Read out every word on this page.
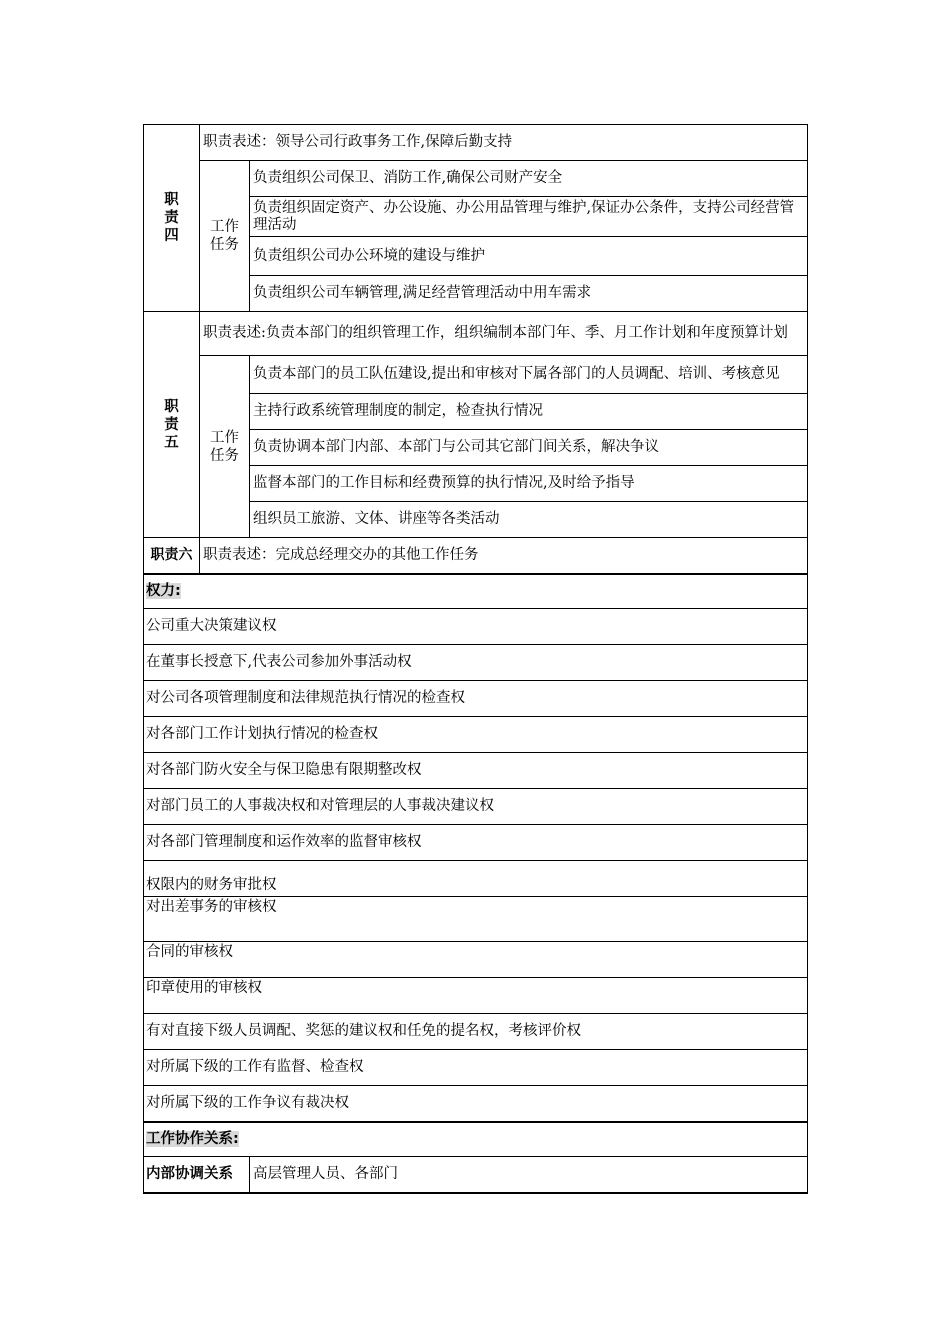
职
责
四	职责表述：领导公司行政事务工作,保障后勤支持	
	工作
任务	负责组织公司保卫、消防工作,确保公司财产安全
		负责组织固定资产、办公设施、办公用品管理与维护,保证办公条件，支持公司经营管理活动
		负责组织公司办公环境的建设与维护
		负责组织公司车辆管理,满足经营管理活动中用车需求

职
责
五	职责表述:负责本部门的组织管理工作，组织编制本部门年、季、月工作计划和年度预算计划	
	工作
任务	负责本部门的员工队伍建设,提出和审核对下属各部门的人员调配、培训、考核意见
		主持行政系统管理制度的制定，检查执行情况
		负责协调本部门内部、本部门与公司其它部门间关系，解决争议
		监督本部门的工作目标和经费预算的执行情况,及时给予指导
		组织员工旅游、文体、讲座等各类活动
职责六	职责表述：完成总经理交办的其他工作任务	
权力:		
公司重大决策建议权		
在董事长授意下,代表公司参加外事活动权		
对公司各项管理制度和法律规范执行情况的检查权		
对各部门工作计划执行情况的检查权		
对各部门防火安全与保卫隐患有限期整改权		
对部门员工的人事裁决权和对管理层的人事裁决建议权		
对各部门管理制度和运作效率的监督审核权		
权限内的财务审批权		
对出差事务的审核权		
合同的审核权		
印章使用的审核权		
有对直接下级人员调配、奖惩的建议权和任免的提名权，考核评价权		
对所属下级的工作有监督、检查权		
对所属下级的工作争议有裁决权		
工作协作关系:		
内部协调关系		高层管理人员、各部门
